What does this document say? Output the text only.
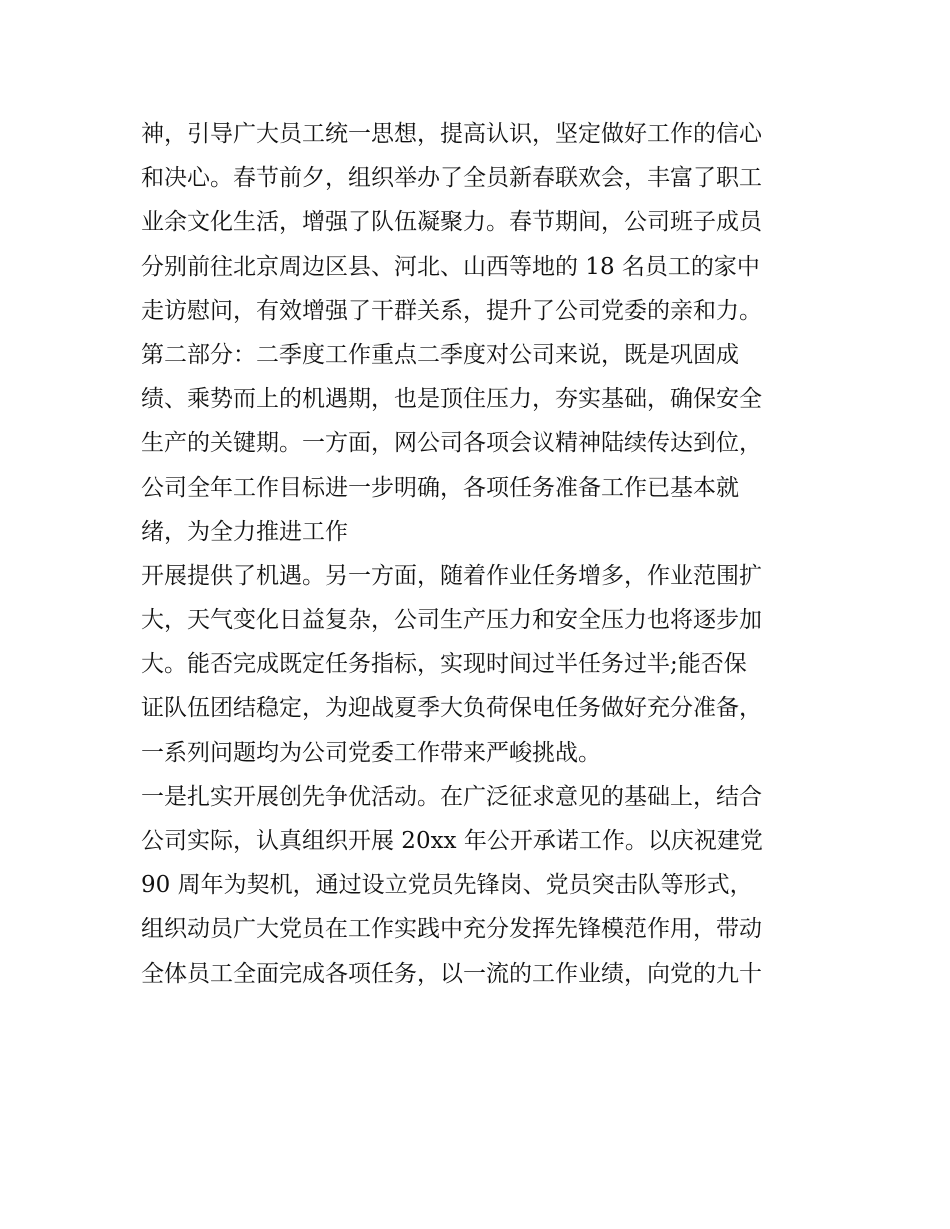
神，引导广大员工统一思想，提高认识，坚定做好工作的信心
和决心。春节前夕，组织举办了全员新春联欢会，丰富了职工
业余文化生活，增强了队伍凝聚力。春节期间，公司班子成员
分别前往北京周边区县、河北、山西等地的 18 名员工的家中
走访慰问，有效增强了干群关系，提升了公司党委的亲和力。
第二部分：二季度工作重点二季度对公司来说，既是巩固成
绩、乘势而上的机遇期，也是顶住压力，夯实基础，确保安全
生产的关键期。一方面，网公司各项会议精神陆续传达到位，
公司全年工作目标进一步明确，各项任务准备工作已基本就
绪，为全力推进工作
开展提供了机遇。另一方面，随着作业任务增多，作业范围扩
大，天气变化日益复杂，公司生产压力和安全压力也将逐步加
大。能否完成既定任务指标，实现时间过半任务过半;能否保
证队伍团结稳定，为迎战夏季大负荷保电任务做好充分准备，
一系列问题均为公司党委工作带来严峻挑战。
一是扎实开展创先争优活动。在广泛征求意见的基础上，结合
公司实际，认真组织开展 20xx 年公开承诺工作。以庆祝建党
90 周年为契机，通过设立党员先锋岗、党员突击队等形式，
组织动员广大党员在工作实践中充分发挥先锋模范作用，带动
全体员工全面完成各项任务，以一流的工作业绩，向党的九十
